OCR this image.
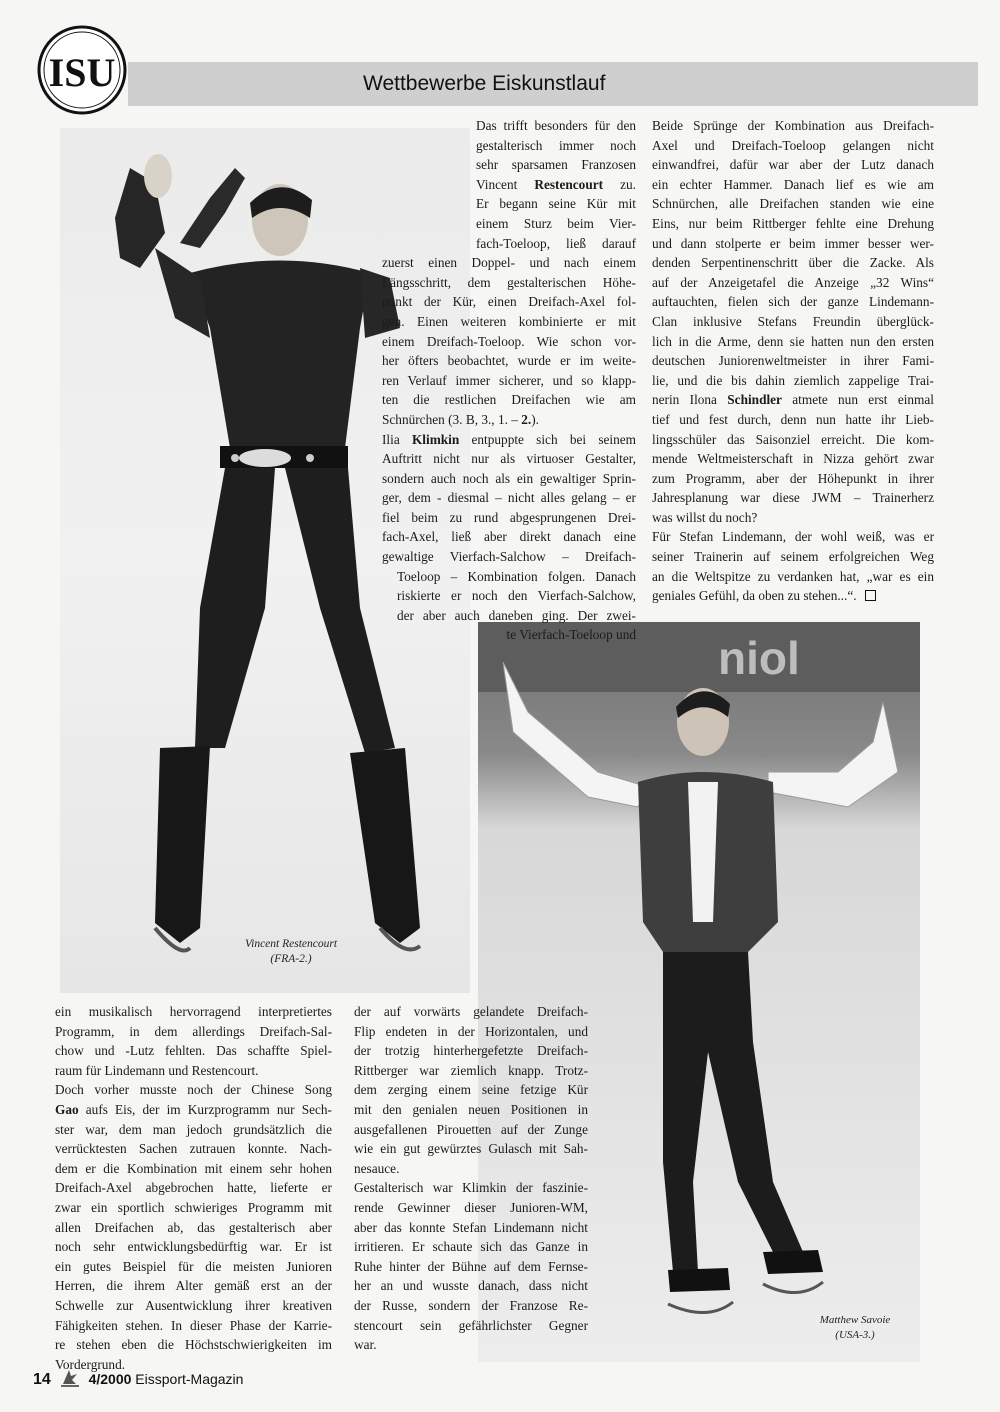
ISU	Wettbewerbe Eiskunstlauf
Vincent Restencourt
(FRA-2.)
niol
Matthew Savoie
(USA-3.)

Das trifft besonders für den

gestalterisch immer noch

sehr sparsamen Franzosen

Vincent Restencourt zu.

Er begann seine Kür mit

einem Sturz beim Vier-

fach-Toeloop, ließ darauf

zuerst einen Doppel- und nach einem

Längsschritt, dem gestalterischen Höhe-

punkt der Kür, einen Dreifach-Axel fol-

gen. Einen weiteren kombinierte er mit

einem Dreifach-Toeloop. Wie schon vor-

her öfters beobachtet, wurde er im weite-

ren Verlauf immer sicherer, und so klapp-

ten die restlichen Dreifachen wie am

Schnürchen (3. B, 3., 1. – 2.).

Ilia Klimkin entpuppte sich bei seinem

Auftritt nicht nur als virtuoser Gestalter,

sondern auch noch als ein gewaltiger Sprin-

ger, dem - diesmal – nicht alles gelang – er

fiel beim zu rund abgesprungenen Drei-

fach-Axel, ließ aber direkt danach eine

gewaltige Vierfach-Salchow – Dreifach-

Toeloop – Kombination folgen. Danach

riskierte er noch den Vierfach-Salchow,

der aber auch daneben ging. Der zwei-

te Vierfach-Toeloop und

Beide Sprünge der Kombination aus Dreifach-

Axel und Dreifach-Toeloop gelangen nicht

einwandfrei, dafür war aber der Lutz danach

ein echter Hammer. Danach lief es wie am

Schnürchen, alle Dreifachen standen wie eine

Eins, nur beim Rittberger fehlte eine Drehung

und dann stolperte er beim immer besser wer-

denden Serpentinenschritt über die Zacke. Als

auf der Anzeigetafel die Anzeige „32 Wins“

auftauchten, fielen sich der ganze Lindemann-

Clan inklusive Stefans Freundin überglück-

lich in die Arme, denn sie hatten nun den ersten

deutschen Juniorenweltmeister in ihrer Fami-

lie, und die bis dahin ziemlich zappelige Trai-

nerin Ilona Schindler atmete nun erst einmal

tief und fest durch, denn nun hatte ihr Lieb-

lingsschüler das Saisonziel erreicht. Die kom-

mende Weltmeisterschaft in Nizza gehört zwar

zum Programm, aber der Höhepunkt in ihrer

Jahresplanung war diese JWM – Trainerherz

was willst du noch?

Für Stefan Lindemann, der wohl weiß, was er

seiner Trainerin auf seinem erfolgreichen Weg

an die Weltspitze zu verdanken hat, „war es ein

geniales Gefühl, da oben zu stehen...“.

ein musikalisch hervorragend interpretiertes

Programm, in dem allerdings Dreifach-Sal-

chow und -Lutz fehlten. Das schaffte Spiel-

raum für Lindemann und Restencourt.

Doch vorher musste noch der Chinese Song

Gao aufs Eis, der im Kurzprogramm nur Sech-

ster war, dem man jedoch grundsätzlich die

verrücktesten Sachen zutrauen konnte. Nach-

dem er die Kombination mit einem sehr hohen

Dreifach-Axel abgebrochen hatte, lieferte er

zwar ein sportlich schwieriges Programm mit

allen Dreifachen ab, das gestalterisch aber

noch sehr entwicklungsbedürftig war. Er ist

ein gutes Beispiel für die meisten Junioren

Herren, die ihrem Alter gemäß erst an der

Schwelle zur Ausentwicklung ihrer kreativen

Fähigkeiten stehen. In dieser Phase der Karrie-

re stehen eben die Höchstschwierigkeiten im

Vordergrund.

der auf vorwärts gelandete Dreifach-

Flip endeten in der Horizontalen, und

der trotzig hinterhergefetzte Dreifach-

Rittberger war ziemlich knapp. Trotz-

dem zerging einem seine fetzige Kür

mit den genialen neuen Positionen in

ausgefallenen Pirouetten auf der Zunge

wie ein gut gewürztes Gulasch mit Sah-

nesauce.

Gestalterisch war Klimkin der faszinie-

rende Gewinner dieser Junioren-WM,

aber das konnte Stefan Lindemann nicht

irritieren. Er schaute sich das Ganze in

Ruhe hinter der Bühne auf dem Fernse-

her an und wusste danach, dass nicht

der Russe, sondern der Franzose Re-

stencourt sein gefährlichster Gegner

war.

14	4/2000 Eissport-Magazin
